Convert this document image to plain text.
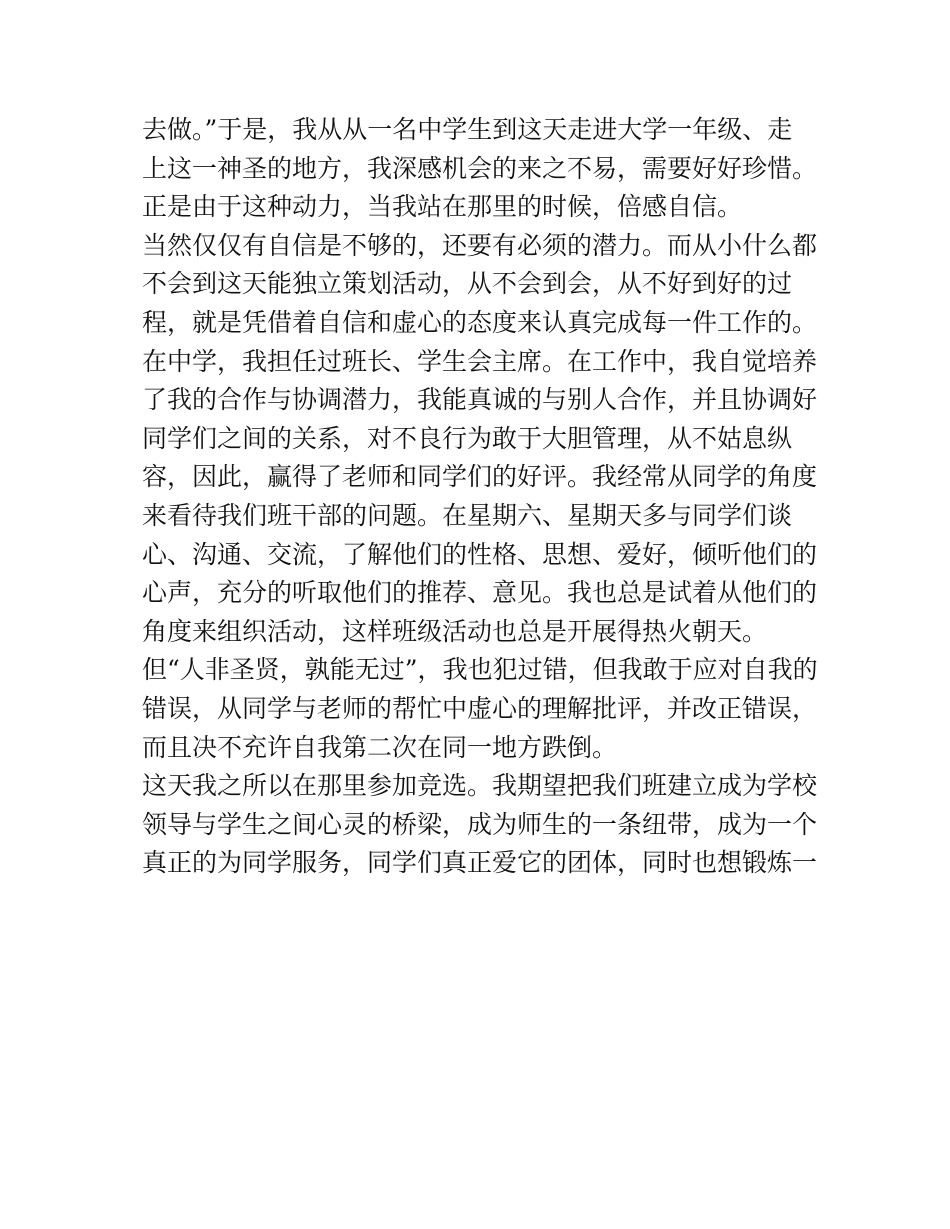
去做。”于是，我从从一名中学生到这天走进大学一年级、走
上这一神圣的地方，我深感机会的来之不易，需要好好珍惜。
正是由于这种动力，当我站在那里的时候，倍感自信。
当然仅仅有自信是不够的，还要有必须的潜力。而从小什么都
不会到这天能独立策划活动，从不会到会，从不好到好的过
程，就是凭借着自信和虚心的态度来认真完成每一件工作的。
在中学，我担任过班长、学生会主席。在工作中，我自觉培养
了我的合作与协调潜力，我能真诚的与别人合作，并且协调好
同学们之间的关系，对不良行为敢于大胆管理，从不姑息纵
容，因此，赢得了老师和同学们的好评。我经常从同学的角度
来看待我们班干部的问题。在星期六、星期天多与同学们谈
心、沟通、交流，了解他们的性格、思想、爱好，倾听他们的
心声，充分的听取他们的推荐、意见。我也总是试着从他们的
角度来组织活动，这样班级活动也总是开展得热火朝天。
但“人非圣贤，孰能无过”，我也犯过错，但我敢于应对自我的
错误，从同学与老师的帮忙中虚心的理解批评，并改正错误，
而且决不充许自我第二次在同一地方跌倒。
这天我之所以在那里参加竞选。我期望把我们班建立成为学校
领导与学生之间心灵的桥梁，成为师生的一条纽带，成为一个
真正的为同学服务，同学们真正爱它的团体，同时也想锻炼一
